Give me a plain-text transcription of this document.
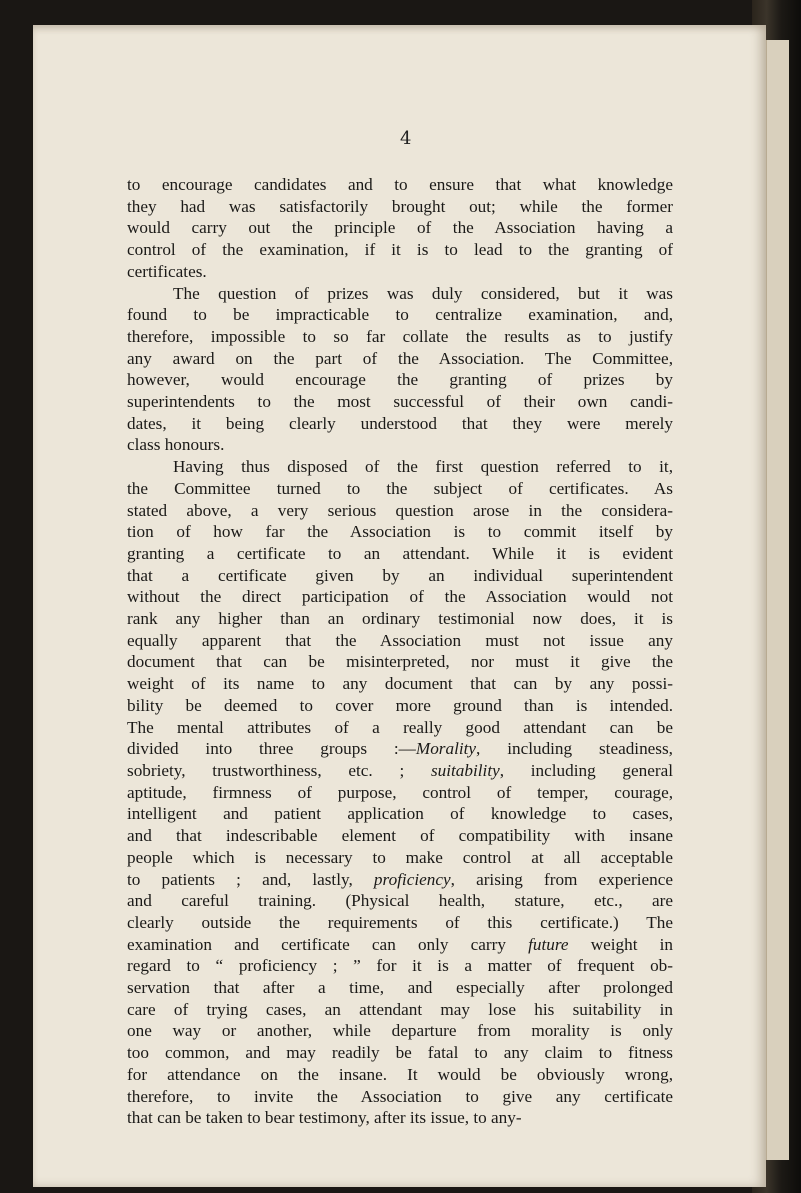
4
to encourage candidates and to ensure that what knowledge
they had was satisfactorily brought out; while the former
would carry out the principle of the Association having a
control of the examination, if it is to lead to the granting of
certificates.
The question of prizes was duly considered, but it was
found to be impracticable to centralize examination, and,
therefore, impossible to so far collate the results as to justify
any award on the part of the Association. The Committee,
however, would encourage the granting of prizes by
superintendents to the most successful of their own candi-
dates, it being clearly understood that they were merely
class honours.
Having thus disposed of the first question referred to it,
the Committee turned to the subject of certificates. As
stated above, a very serious question arose in the considera-
tion of how far the Association is to commit itself by
granting a certificate to an attendant. While it is evident
that a certificate given by an individual superintendent
without the direct participation of the Association would not
rank any higher than an ordinary testimonial now does, it is
equally apparent that the Association must not issue any
document that can be misinterpreted, nor must it give the
weight of its name to any document that can by any possi-
bility be deemed to cover more ground than is intended.
The mental attributes of a really good attendant can be
divided into three groups :—Morality, including steadiness,
sobriety, trustworthiness, etc. ; suitability, including general
aptitude, firmness of purpose, control of temper, courage,
intelligent and patient application of knowledge to cases,
and that indescribable element of compatibility with insane
people which is necessary to make control at all acceptable
to patients ; and, lastly, proficiency, arising from experience
and careful training. (Physical health, stature, etc., are
clearly outside the requirements of this certificate.) The
examination and certificate can only carry future weight in
regard to “ proficiency ; ” for it is a matter of frequent ob-
servation that after a time, and especially after prolonged
care of trying cases, an attendant may lose his suitability in
one way or another, while departure from morality is only
too common, and may readily be fatal to any claim to fitness
for attendance on the insane. It would be obviously wrong,
therefore, to invite the Association to give any certificate
that can be taken to bear testimony, after its issue, to any-
